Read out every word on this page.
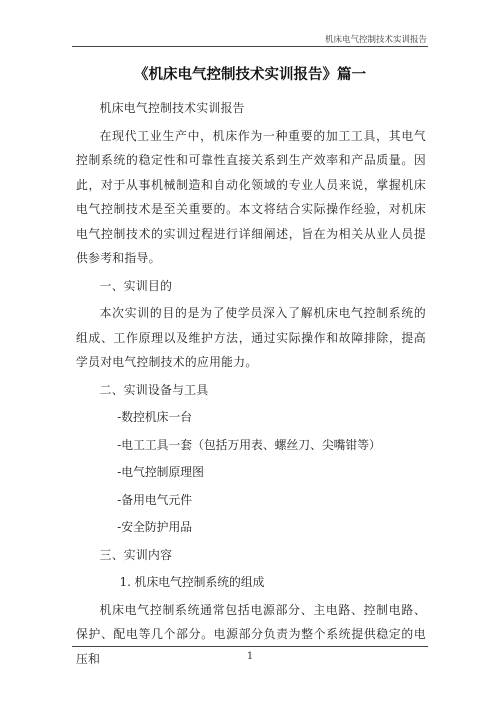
机床电气控制技术实训报告
《机床电气控制技术实训报告》篇一

机床电气控制技术实训报告

在现代工业生产中，机床作为一种重要的加工工具，其电气控制系统的稳定性和可靠性直接关系到生产效率和产品质量。因此，对于从事机械制造和自动化领域的专业人员来说，掌握机床电气控制技术是至关重要的。本文将结合实际操作经验，对机床电气控制技术的实训过程进行详细阐述，旨在为相关从业人员提供参考和指导。

一、实训目的

本次实训的目的是为了使学员深入了解机床电气控制系统的组成、工作原理以及维护方法，通过实际操作和故障排除，提高学员对电气控制技术的应用能力。

二、实训设备与工具

-数控机床一台
-电工工具一套（包括万用表、螺丝刀、尖嘴钳等）
-电气控制原理图
-备用电气元件
-安全防护用品

三、实训内容

1. 机床电气控制系统的组成

机床电气控制系统通常包括电源部分、主电路、控制电路、保护、配电等几个部分。电源部分负责为整个系统提供稳定的电压和	1
